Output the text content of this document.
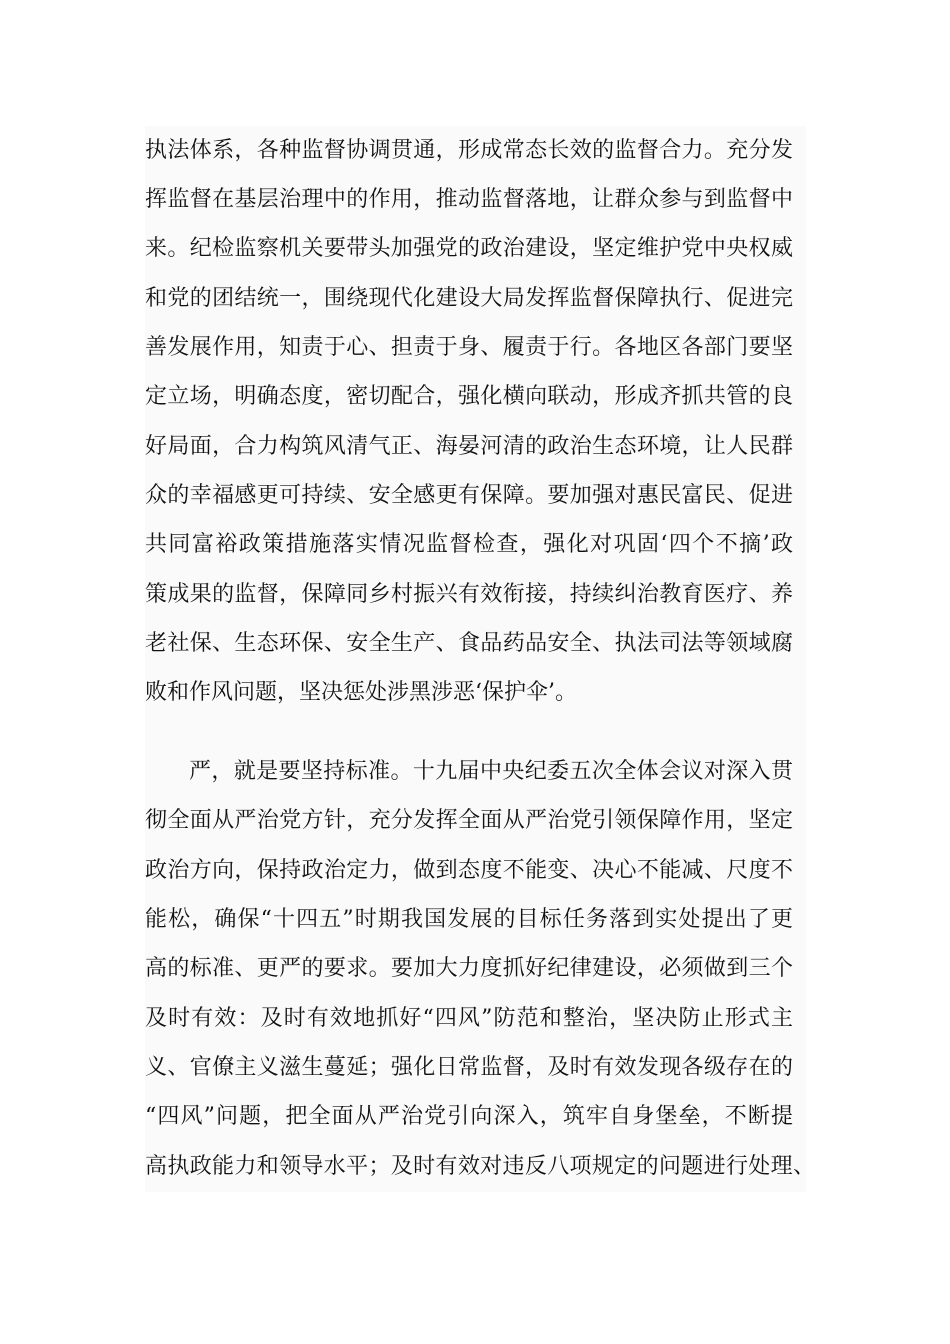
执法体系，各种监督协调贯通，形成常态长效的监督合力。充分发
挥监督在基层治理中的作用，推动监督落地，让群众参与到监督中
来。纪检监察机关要带头加强党的政治建设，坚定维护党中央权威
和党的团结统一，围绕现代化建设大局发挥监督保障执行、促进完
善发展作用，知责于心、担责于身、履责于行。各地区各部门要坚
定立场，明确态度，密切配合，强化横向联动，形成齐抓共管的良
好局面，合力构筑风清气正、海晏河清的政治生态环境，让人民群
众的幸福感更可持续、安全感更有保障。要加强对惠民富民、促进
共同富裕政策措施落实情况监督检查，强化对巩固‘四个不摘’政
策成果的监督，保障同乡村振兴有效衔接，持续纠治教育医疗、养
老社保、生态环保、安全生产、食品药品安全、执法司法等领域腐
败和作风问题，坚决惩处涉黑涉恶‘保护伞’。
严，就是要坚持标准。十九届中央纪委五次全体会议对深入贯
彻全面从严治党方针，充分发挥全面从严治党引领保障作用，坚定
政治方向，保持政治定力，做到态度不能变、决心不能减、尺度不
能松，确保“十四五”时期我国发展的目标任务落到实处提出了更
高的标准、更严的要求。要加大力度抓好纪律建设，必须做到三个
及时有效：及时有效地抓好“四风”防范和整治，坚决防止形式主
义、官僚主义滋生蔓延；强化日常监督，及时有效发现各级存在的
“四风”问题，把全面从严治党引向深入，筑牢自身堡垒，不断提
高执政能力和领导水平；及时有效对违反八项规定的问题进行处理、
